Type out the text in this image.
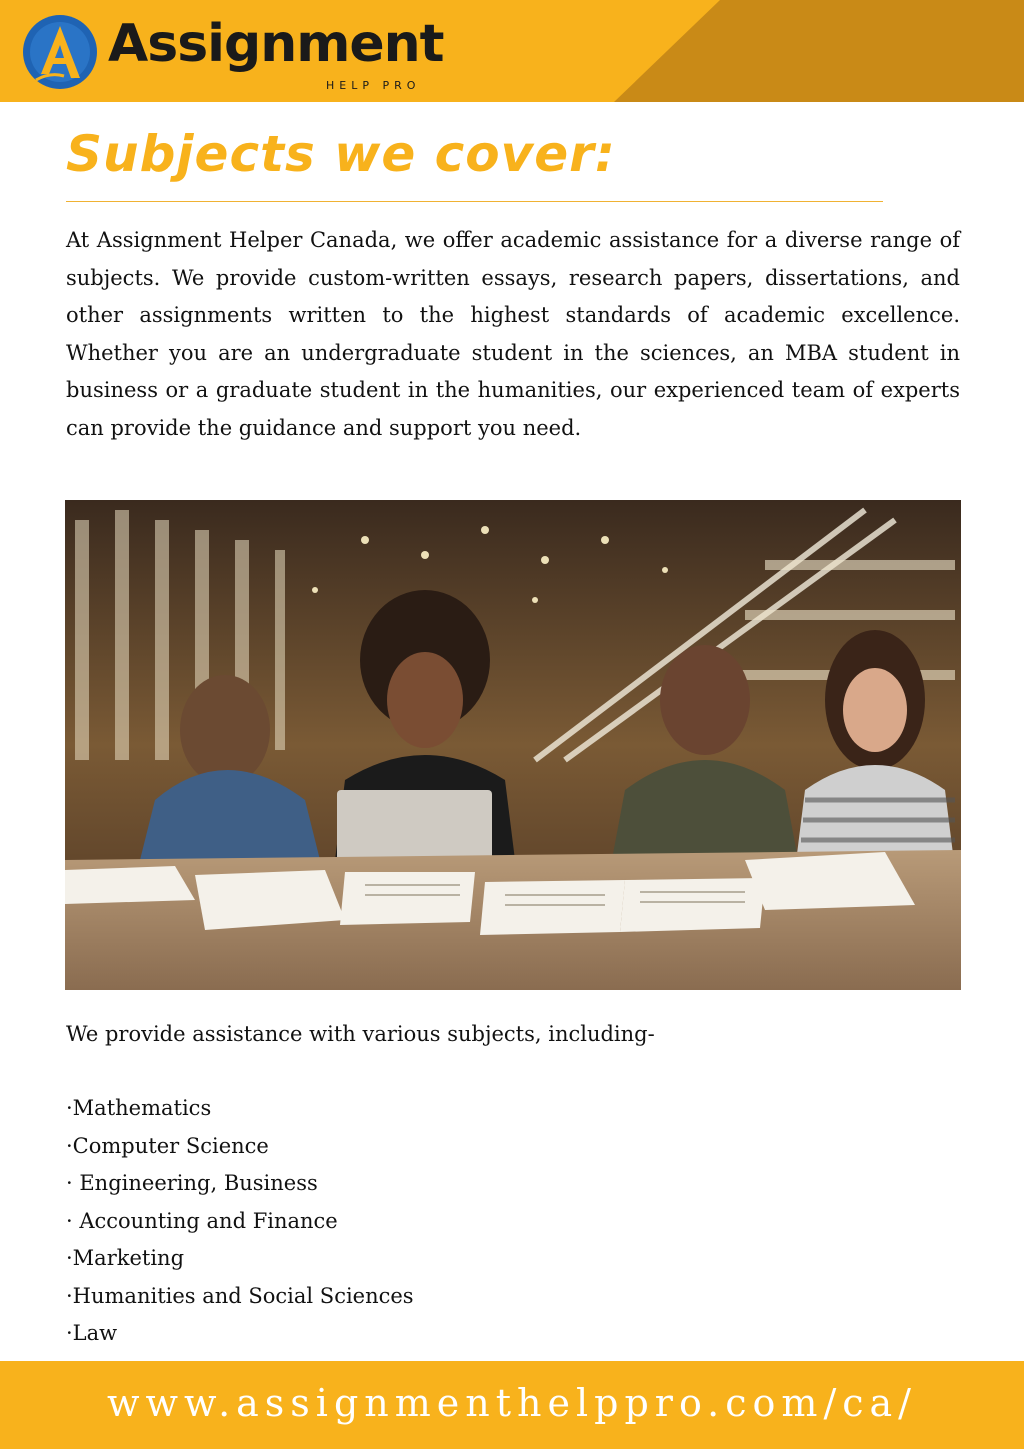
Assignment

HELP PRO

Subjects we cover:

At Assignment Helper Canada, we offer academic assistance for a diverse range of subjects. We provide custom-written essays, research papers, dissertations, and other assignments written to the highest standards of academic excellence. Whether you are an undergraduate student in the sciences, an MBA student in business or a graduate student in the humanities, our experienced team of experts can provide the guidance and support you need.

We provide assistance with various subjects, including-

·Mathematics
·Computer Science
· Engineering, Business
· Accounting and Finance
·Marketing
·Humanities and Social Sciences
·Law

www.assignmenthelppro.com/ca/
